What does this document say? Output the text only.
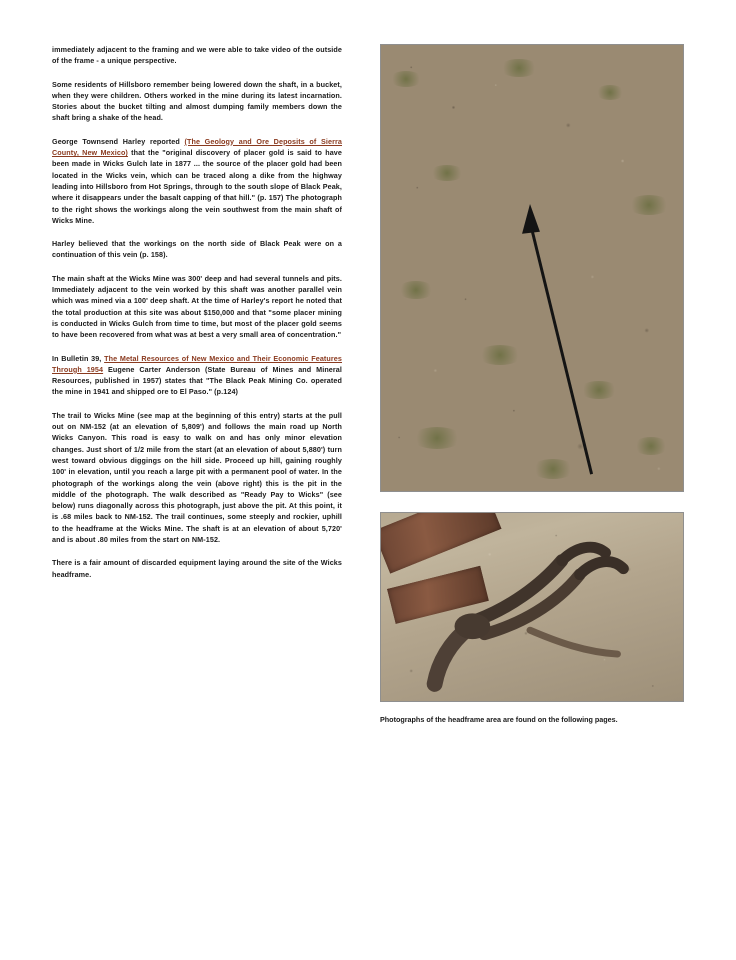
immediately adjacent to the framing and we were able to take video of the outside of the frame - a unique perspective.

Some residents of Hillsboro remember being lowered down the shaft, in a bucket, when they were children. Others worked in the mine during its latest incarnation. Stories about the bucket tilting and almost dumping family members down the shaft bring a shake of the head.

George Townsend Harley reported (The Geology and Ore Deposits of Sierra County, New Mexico) that the "original discovery of placer gold is said to have been made in Wicks Gulch late in 1877 ... the source of the placer gold had been located in the Wicks vein, which can be traced along a dike from the highway leading into Hillsboro from Hot Springs, through to the south slope of Black Peak, where it disappears under the basalt capping of that hill." (p. 157) The photograph to the right shows the workings along the vein southwest from the main shaft of Wicks Mine.

Harley believed that the workings on the north side of Black Peak were on a continuation of this vein (p. 158).

The main shaft at the Wicks Mine was 300' deep and had several tunnels and pits. Immediately adjacent to the vein worked by this shaft was another parallel vein which was mined via a 100' deep shaft. At the time of Harley's report he noted that the total production at this site was about $150,000 and that "some placer mining is conducted in Wicks Gulch from time to time, but most of the placer gold seems to have been recovered from what was at best a very small area of concentration."

In Bulletin 39, The Metal Resources of New Mexico and Their Economic Features Through 1954 Eugene Carter Anderson (State Bureau of Mines and Mineral Resources, published in 1957) states that "The Black Peak Mining Co. operated the mine in 1941 and shipped ore to El Paso." (p.124)

The trail to Wicks Mine (see map at the beginning of this entry) starts at the pull out on NM-152 (at an elevation of 5,809') and follows the main road up North Wicks Canyon. This road is easy to walk on and has only minor elevation changes. Just short of 1/2 mile from the start (at an elevation of about 5,880') turn west toward obvious diggings on the hill side. Proceed up hill, gaining roughly 100' in elevation, until you reach a large pit with a permanent pool of water. In the photograph of the workings along the vein (above right) this is the pit in the middle of the photograph. The walk described as "Ready Pay to Wicks" (see below) runs diagonally across this photograph, just above the pit. At this point, it is .68 miles back to NM-152. The trail continues, some steeply and rockier, uphill to the headframe at the Wicks Mine. The shaft is at an elevation of about 5,720' and is about .80 miles from the start on NM-152.

There is a fair amount of discarded equipment laying around the site of the Wicks headframe.

Photographs of the headframe area are found on the following pages.
